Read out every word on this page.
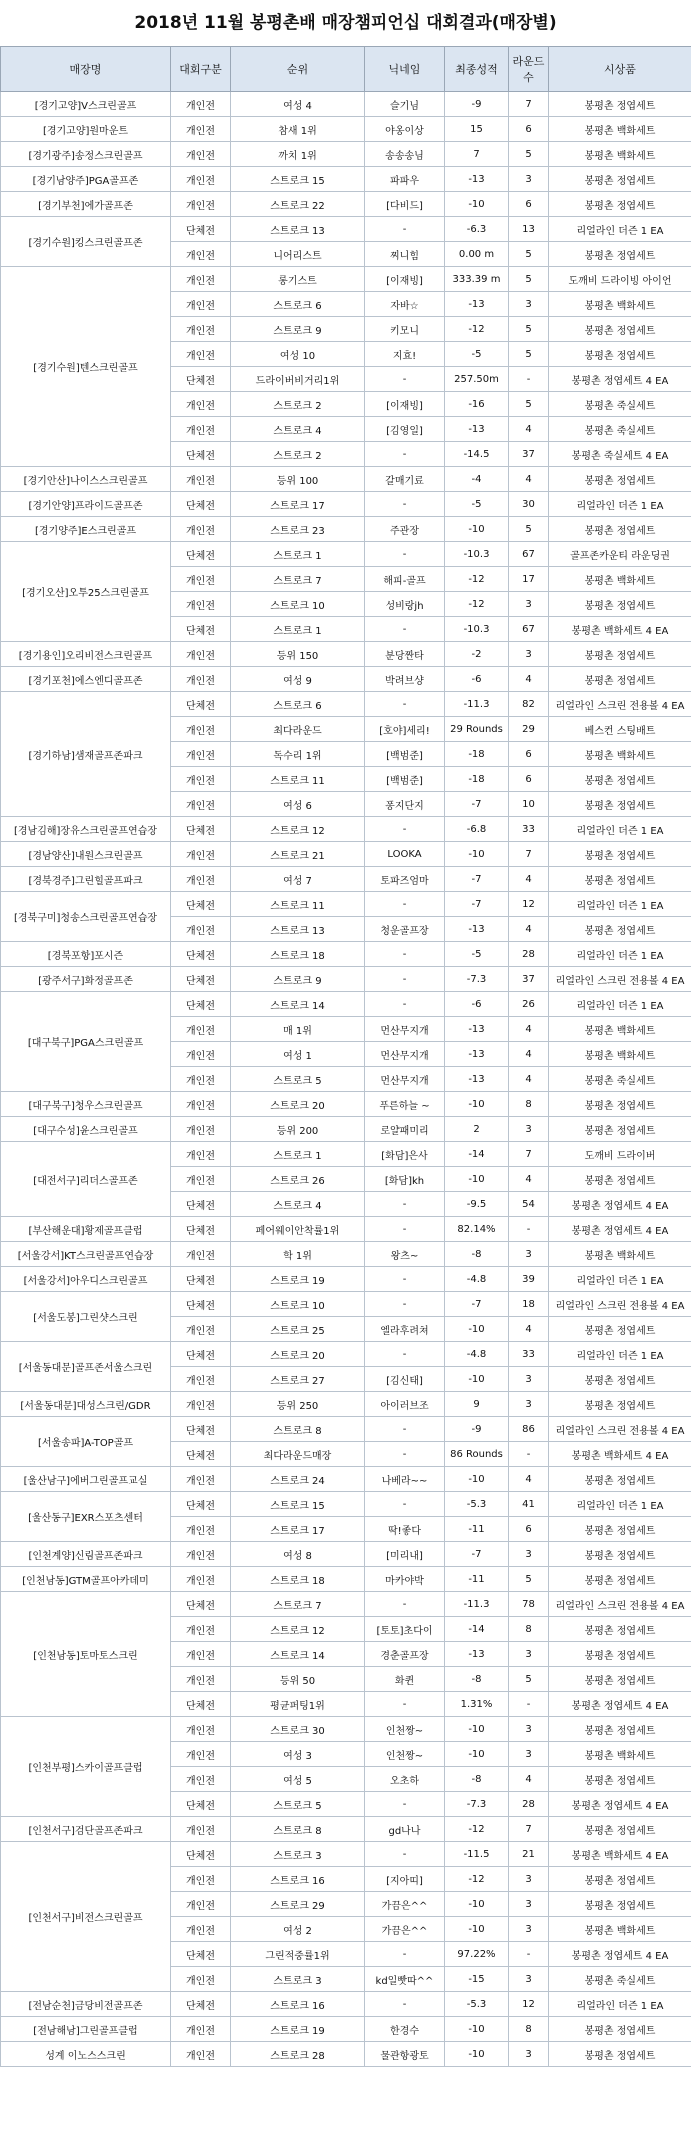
2018년 11월 봉평촌배 매장챔피언십 대회결과(매장별)
매장명	대회구분	순위	닉네임	최종성적	라운드수	시상품
[경기고양]V스크린골프	개인전	여성 4	슬기님	-9	7	봉평촌 정엽세트
[경기고양]원마운트	개인전	참새 1위	야옹이상	15	6	봉평촌 백화세트
[경기광주]송정스크린골프	개인전	까치 1위	송송송님	7	5	봉평촌 백화세트
[경기남양주]PGA골프존	개인전	스트로크 15	파파우	-13	3	봉평촌 정엽세트
[경기부천]에가골프존	개인전	스트로크 22	[다비드]	-10	6	봉평촌 정엽세트
[경기수원]킹스크린골프존	단체전	스트로크 13	-	-6.3	13	리얼라인 더즌 1 EA
	개인전	니어리스트	찌니힘	0.00 m	5	봉평촌 정엽세트
[경기수원]텐스크린골프	개인전	롱기스트	[이재빙]	333.39 m	5	도깨비 드라이빙 아이언
	개인전	스트로크 6	자바☆	-13	3	봉평촌 백화세트
	개인전	스트로크 9	키모니	-12	5	봉평촌 정엽세트
	개인전	여성 10	지효!	-5	5	봉평촌 정엽세트
	단체전	드라이버비거리1위	-	257.50m	-	봉평촌 정엽세트 4 EA
	개인전	스트로크 2	[이재빙]	-16	5	봉평촌 죽실세트
	개인전	스트로크 4	[김영일]	-13	4	봉평촌 죽실세트
	단체전	스트로크 2	-	-14.5	37	봉평촌 죽실세트 4 EA
[경기안산]나이스스크린골프	개인전	등위 100	갈매기료	-4	4	봉평촌 정엽세트
[경기안양]프라이드골프존	단체전	스트로크 17	-	-5	30	리얼라인 더즌 1 EA
[경기양주]E스크린골프	개인전	스트로크 23	주관장	-10	5	봉평촌 정엽세트
[경기오산]오투25스크린골프	단체전	스트로크 1	-	-10.3	67	골프존카운티 라운딩권
	개인전	스트로크 7	해피-골프	-12	17	봉평촌 백화세트
	개인전	스트로크 10	성비랑jh	-12	3	봉평촌 정엽세트
	단체전	스트로크 1	-	-10.3	67	봉평촌 백화세트 4 EA
[경기용인]오리비전스크린골프	개인전	등위 150	분당짠타	-2	3	봉평촌 정엽세트
[경기포천]에스엔디골프존	개인전	여성 9	박려브샹	-6	4	봉평촌 정엽세트
[경기하남]샘재골프존파크	단체전	스트로크 6	-	-11.3	82	리얼라인 스크린 전용볼 4 EA
	개인전	최다라운드	[호야]세리!	29 Rounds	29	베스컨 스팅배트
	개인전	독수리 1위	[백범준]	-18	6	봉평촌 백화세트
	개인전	스트로크 11	[백범준]	-18	6	봉평촌 정엽세트
	개인전	여성 6	퐁지단지	-7	10	봉평촌 정엽세트
[경남김해]장유스크린골프연습장	단체전	스트로크 12	-	-6.8	33	리얼라인 더즌 1 EA
[경남양산]내원스크린골프	개인전	스트로크 21	LOOKA	-10	7	봉평촌 정엽세트
[경북경주]그린힐골프파크	개인전	여성 7	토파즈엄마	-7	4	봉평촌 정엽세트
[경북구미]청송스크린골프연습장	단체전	스트로크 11	-	-7	12	리얼라인 더즌 1 EA
	개인전	스트로크 13	청운골프장	-13	4	봉평촌 정엽세트
[경북포항]포시즌	단체전	스트로크 18	-	-5	28	리얼라인 더즌 1 EA
[광주서구]화정골프존	단체전	스트로크 9	-	-7.3	37	리얼라인 스크린 전용볼 4 EA
[대구북구]PGA스크린골프	단체전	스트로크 14	-	-6	26	리얼라인 더즌 1 EA
	개인전	매 1위	먼산무지개	-13	4	봉평촌 백화세트
	개인전	여성 1	먼산무지개	-13	4	봉평촌 백화세트
	개인전	스트로크 5	먼산무지개	-13	4	봉평촌 죽실세트
[대구북구]청우스크린골프	개인전	스트로크 20	푸른하늘 ~	-10	8	봉평촌 정엽세트
[대구수성]윤스크린골프	개인전	등위 200	로얄패미리	2	3	봉평촌 정엽세트
[대전서구]리더스골프존	개인전	스트로크 1	[화담]은사	-14	7	도깨비 드라이버
	개인전	스트로크 26	[화담]kh	-10	4	봉평촌 정엽세트
	단체전	스트로크 4	-	-9.5	54	봉평촌 정엽세트 4 EA
[부산해운대]황제골프클럽	단체전	페어웨이안착률1위	-	82.14%	-	봉평촌 정엽세트 4 EA
[서울강서]KT스크린골프연습장	개인전	학 1위	왕츠~	-8	3	봉평촌 백화세트
[서울강서]아우디스크린골프	단체전	스트로크 19	-	-4.8	39	리얼라인 더즌 1 EA
[서울도봉]그린샷스크린	단체전	스트로크 10	-	-7	18	리얼라인 스크린 전용볼 4 EA
	개인전	스트로크 25	엘라후려쳐	-10	4	봉평촌 정엽세트
[서울동대문]골프존서울스크린	단체전	스트로크 20	-	-4.8	33	리얼라인 더즌 1 EA
	개인전	스트로크 27	[김신태]	-10	3	봉평촌 정엽세트
[서울동대문]대성스크린/GDR	개인전	등위 250	아이러브조	9	3	봉평촌 정엽세트
[서울송파]A-TOP골프	단체전	스트로크 8	-	-9	86	리얼라인 스크린 전용볼 4 EA
	단체전	최다라운드매장	-	86 Rounds	-	봉평촌 백화세트 4 EA
[울산남구]에버그린골프교실	개인전	스트로크 24	나베라~~	-10	4	봉평촌 정엽세트
[울산동구]EXR스포츠센터	단체전	스트로크 15	-	-5.3	41	리얼라인 더즌 1 EA
	개인전	스트로크 17	딱!좋다	-11	6	봉평촌 정엽세트
[인천계양]신림골프존파크	개인전	여성 8	[미리내]	-7	3	봉평촌 정엽세트
[인천남동]GTM골프아카데미	개인전	스트로크 18	마카야박	-11	5	봉평촌 정엽세트
[인천남동]토마토스크린	단체전	스트로크 7	-	-11.3	78	리얼라인 스크린 전용볼 4 EA
	개인전	스트로크 12	[토토]초다이	-14	8	봉평촌 정엽세트
	개인전	스트로크 14	경춘골프장	-13	3	봉평촌 정엽세트
	개인전	등위 50	화퀸	-8	5	봉평촌 정엽세트
	단체전	평균퍼팅1위	-	1.31%	-	봉평촌 정엽세트 4 EA
[인천부평]스카이골프클럽	개인전	스트로크 30	인천짱~	-10	3	봉평촌 정엽세트
	개인전	여성 3	인천짱~	-10	3	봉평촌 백화세트
	개인전	여성 5	오초하	-8	4	봉평촌 정엽세트
	단체전	스트로크 5	-	-7.3	28	봉평촌 정엽세트 4 EA
[인천서구]검단골프존파크	개인전	스트로크 8	gd나나	-12	7	봉평촌 정엽세트
[인천서구]비전스크린골프	단체전	스트로크 3	-	-11.5	21	봉평촌 백화세트 4 EA
	개인전	스트로크 16	[지아띠]	-12	3	봉평촌 정엽세트
	개인전	스트로크 29	가끔은^^	-10	3	봉평촌 정엽세트
	개인전	여성 2	가끔은^^	-10	3	봉평촌 백화세트
	단체전	그린적중률1위	-	97.22%	-	봉평촌 정엽세트 4 EA
	개인전	스트로크 3	kd일빳따^^	-15	3	봉평촌 죽실세트
[전남순천]금당비전골프존	단체전	스트로크 16	-	-5.3	12	리얼라인 더즌 1 EA
[전남해남]그린골프클럽	개인전	스트로크 19	한경수	-10	8	봉평촌 정엽세트
성계 이노스스크린	개인전	스트로크 28	물관항광토	-10	3	봉평촌 정엽세트
